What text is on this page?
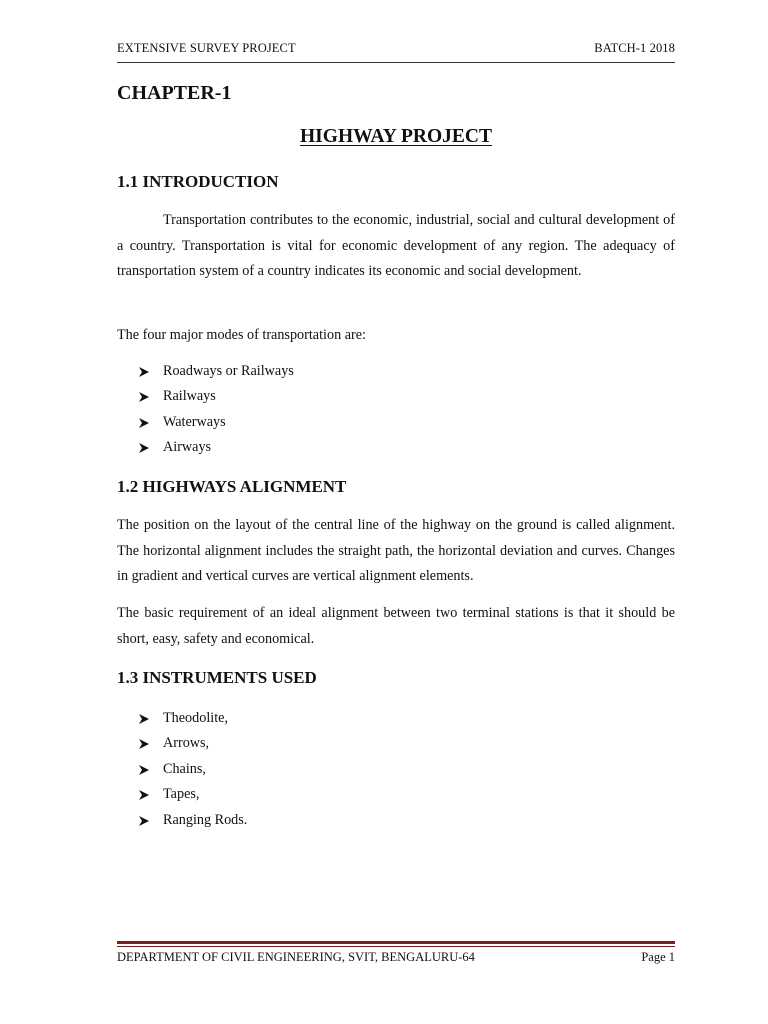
EXTENSIVE SURVEY PROJECT	BATCH-1 2018
CHAPTER-1
HIGHWAY PROJECT
1.1 INTRODUCTION

Transportation contributes to the economic, industrial, social and cultural development of a country. Transportation is vital for economic development of any region. The adequacy of transportation system of a country indicates its economic and social development.

The four major modes of transportation are:
Roadways or Railways
Railways
Waterways
Airways
1.2 HIGHWAYS ALIGNMENT

The position on the layout of the central line of the highway on the ground is called alignment. The horizontal alignment includes the straight path, the horizontal deviation and curves. Changes in gradient and vertical curves are vertical alignment elements.

The basic requirement of an ideal alignment between two terminal stations is that it should be short, easy, safety and economical.

1.3 INSTRUMENTS USED
Theodolite,
Arrows,
Chains,
Tapes,
Ranging Rods.
DEPARTMENT OF CIVIL ENGINEERING, SVIT, BENGALURU-64	Page 1
